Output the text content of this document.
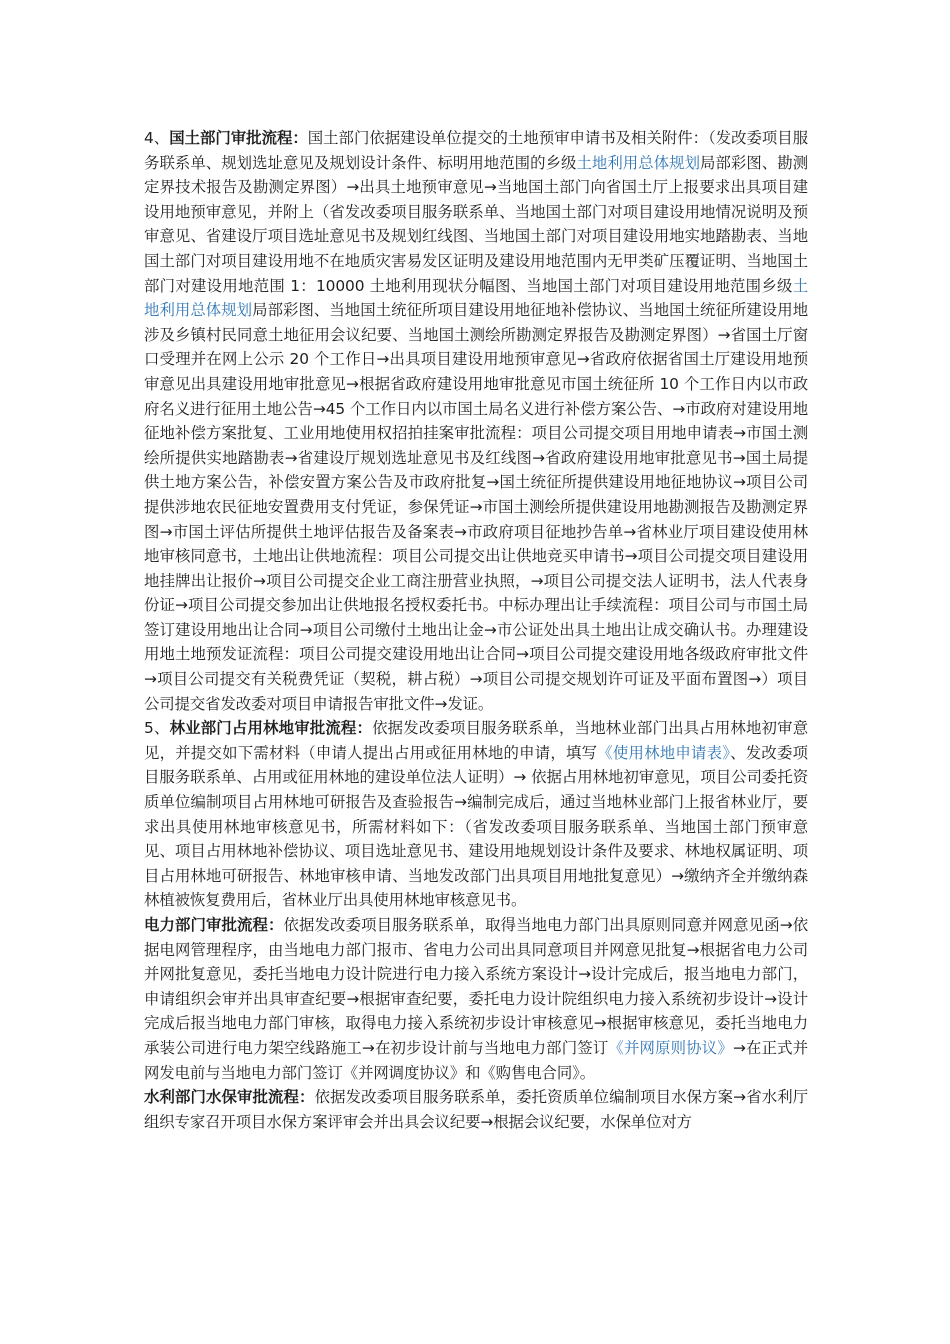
4、国土部门审批流程：国土部门依据建设单位提交的土地预审申请书及相关附件：（发改委项目服务联系单、规划选址意见及规划设计条件、标明用地范围的乡级土地利用总体规划局部彩图、勘测定界技术报告及勘测定界图）→出具土地预审意见→当地国土部门向省国土厅上报要求出具项目建设用地预审意见，并附上（省发改委项目服务联系单、当地国土部门对项目建设用地情况说明及预审意见、省建设厅项目选址意见书及规划红线图、当地国土部门对项目建设用地实地踏勘表、当地国土部门对项目建设用地不在地质灾害易发区证明及建设用地范围内无甲类矿压覆证明、当地国土部门对建设用地范围 1：10000 土地利用现状分幅图、当地国土部门对项目建设用地范围乡级土地利用总体规划局部彩图、当地国土统征所项目建设用地征地补偿协议、当地国土统征所建设用地涉及乡镇村民同意土地征用会议纪要、当地国土测绘所勘测定界报告及勘测定界图）→省国土厅窗口受理并在网上公示 20 个工作日→出具项目建设用地预审意见→省政府依据省国土厅建设用地预审意见出具建设用地审批意见→根据省政府建设用地审批意见市国土统征所 10 个工作日内以市政府名义进行征用土地公告→45 个工作日内以市国土局名义进行补偿方案公告、→市政府对建设用地征地补偿方案批复、工业用地使用权招拍挂案审批流程：项目公司提交项目用地申请表→市国土测绘所提供实地踏勘表→省建设厅规划选址意见书及红线图→省政府建设用地审批意见书→国土局提供土地方案公告，补偿安置方案公告及市政府批复→国土统征所提供建设用地征地协议→项目公司提供涉地农民征地安置费用支付凭证，参保凭证→市国土测绘所提供建设用地勘测报告及勘测定界图→市国土评估所提供土地评估报告及备案表→市政府项目征地抄告单→省林业厅项目建设使用林地审核同意书，土地出让供地流程：项目公司提交出让供地竞买申请书→项目公司提交项目建设用地挂牌出让报价→项目公司提交企业工商注册营业执照，→项目公司提交法人证明书，法人代表身份证→项目公司提交参加出让供地报名授权委托书。中标办理出让手续流程：项目公司与市国土局签订建设用地出让合同→项目公司缴付土地出让金→市公证处出具土地出让成交确认书。办理建设用地土地预发证流程：项目公司提交建设用地出让合同→项目公司提交建设用地各级政府审批文件→项目公司提交有关税费凭证（契税，耕占税）→项目公司提交规划许可证及平面布置图→）项目公司提交省发改委对项目申请报告审批文件→发证。

5、林业部门占用林地审批流程：依据发改委项目服务联系单，当地林业部门出具占用林地初审意见，并提交如下需材料（申请人提出占用或征用林地的申请，填写《使用林地申请表》、发改委项目服务联系单、占用或征用林地的建设单位法人证明）→ 依据占用林地初审意见，项目公司委托资质单位编制项目占用林地可研报告及查验报告→编制完成后，通过当地林业部门上报省林业厅，要求出具使用林地审核意见书，所需材料如下：（省发改委项目服务联系单、当地国土部门预审意见、项目占用林地补偿协议、项目选址意见书、建设用地规划设计条件及要求、林地权属证明、项目占用林地可研报告、林地审核申请、当地发改部门出具项目用地批复意见）→缴纳齐全并缴纳森林植被恢复费用后，省林业厅出具使用林地审核意见书。

电力部门审批流程：依据发改委项目服务联系单，取得当地电力部门出具原则同意并网意见函→依据电网管理程序，由当地电力部门报市、省电力公司出具同意项目并网意见批复→根据省电力公司并网批复意见，委托当地电力设计院进行电力接入系统方案设计→设计完成后，报当地电力部门，申请组织会审并出具审查纪要→根据审查纪要，委托电力设计院组织电力接入系统初步设计→设计完成后报当地电力部门审核，取得电力接入系统初步设计审核意见→根据审核意见，委托当地电力承装公司进行电力架空线路施工→在初步设计前与当地电力部门签订《并网原则协议》→在正式并网发电前与当地电力部门签订《并网调度协议》和《购售电合同》。

水利部门水保审批流程：依据发改委项目服务联系单，委托资质单位编制项目水保方案→省水利厅组织专家召开项目水保方案评审会并出具会议纪要→根据会议纪要，水保单位对方
